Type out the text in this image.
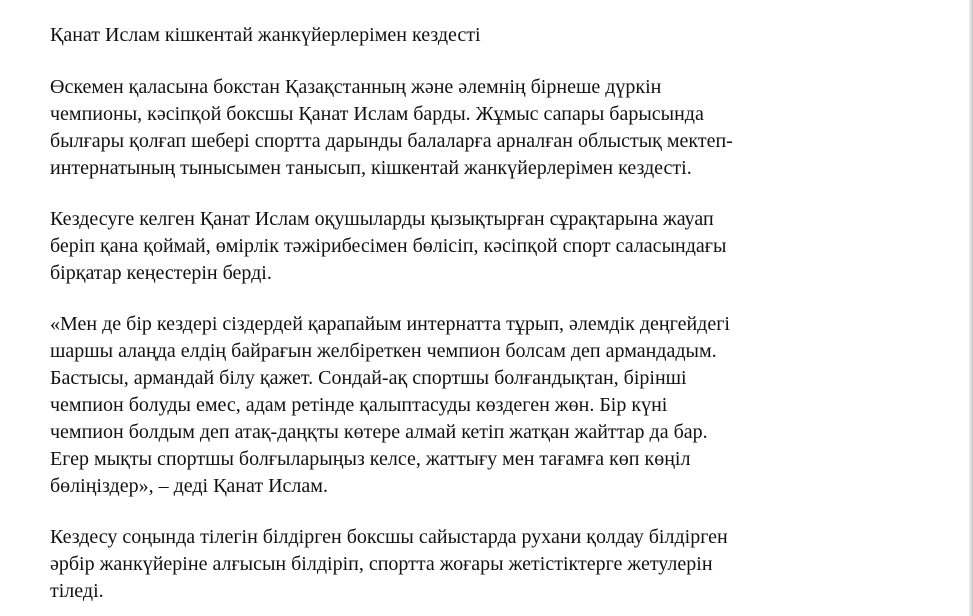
Қанат Ислам кішкентай жанкүйерлерімен кездесті

Өскемен қаласына бокстан Қазақстанның және әлемнің бірнеше дүркін
чемпионы, кәсіпқой боксшы Қанат Ислам барды. Жұмыс сапары барысында
былғары қолғап шебері спортта дарынды балаларға арналған облыстық мектеп-
интернатының тынысымен танысып, кішкентай жанкүйерлерімен кездесті.

Кездесуге келген Қанат Ислам оқушыларды қызықтырған сұрақтарына жауап
беріп қана қоймай, өмірлік тәжірибесімен бөлісіп, кәсіпқой спорт саласындағы
бірқатар кеңестерін берді.

«Мен де бір кездері сіздердей қарапайым интернатта тұрып, әлемдік деңгейдегі
шаршы алаңда елдің байрағын желбіреткен чемпион болсам деп армандадым.
Бастысы, армандай білу қажет. Сондай-ақ спортшы болғандықтан, бірінші
чемпион болуды емес, адам ретінде қалыптасуды көздеген жөн. Бір күні
чемпион болдым деп атақ-даңқты көтере алмай кетіп жатқан жайттар да бар.
Егер мықты спортшы болғыларыңыз келсе, жаттығу мен тағамға көп көңіл
бөліңіздер», – деді Қанат Ислам.

Кездесу соңында тілегін білдірген боксшы сайыстарда рухани қолдау білдірген
әрбір жанкүйеріне алғысын білдіріп, спортта жоғары жетістіктерге жетулерін
тіледі.
